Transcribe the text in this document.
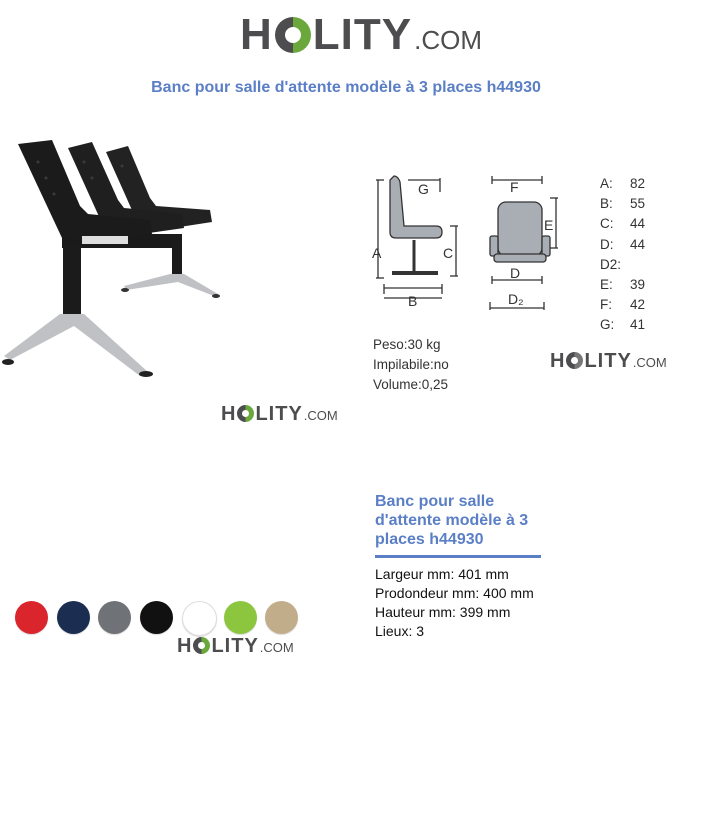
H LITY .COM
Banc pour salle d'attente modèle à 3 places h44930
H LITY .COM
A
G
C
B
F
E
D
D₂
A:	82
B:	55
C:	44
D:	44
D2:
E:	39
F:	42
G:	41
Peso:30 kg
Impilabile:no
Volume:0,25
H LITY .COM
H LITY .COM
Banc pour salle d'attente modèle à 3 places h44930
Largeur mm: 401 mm
Prodondeur mm: 400 mm
Hauteur mm: 399 mm
Lieux: 3
